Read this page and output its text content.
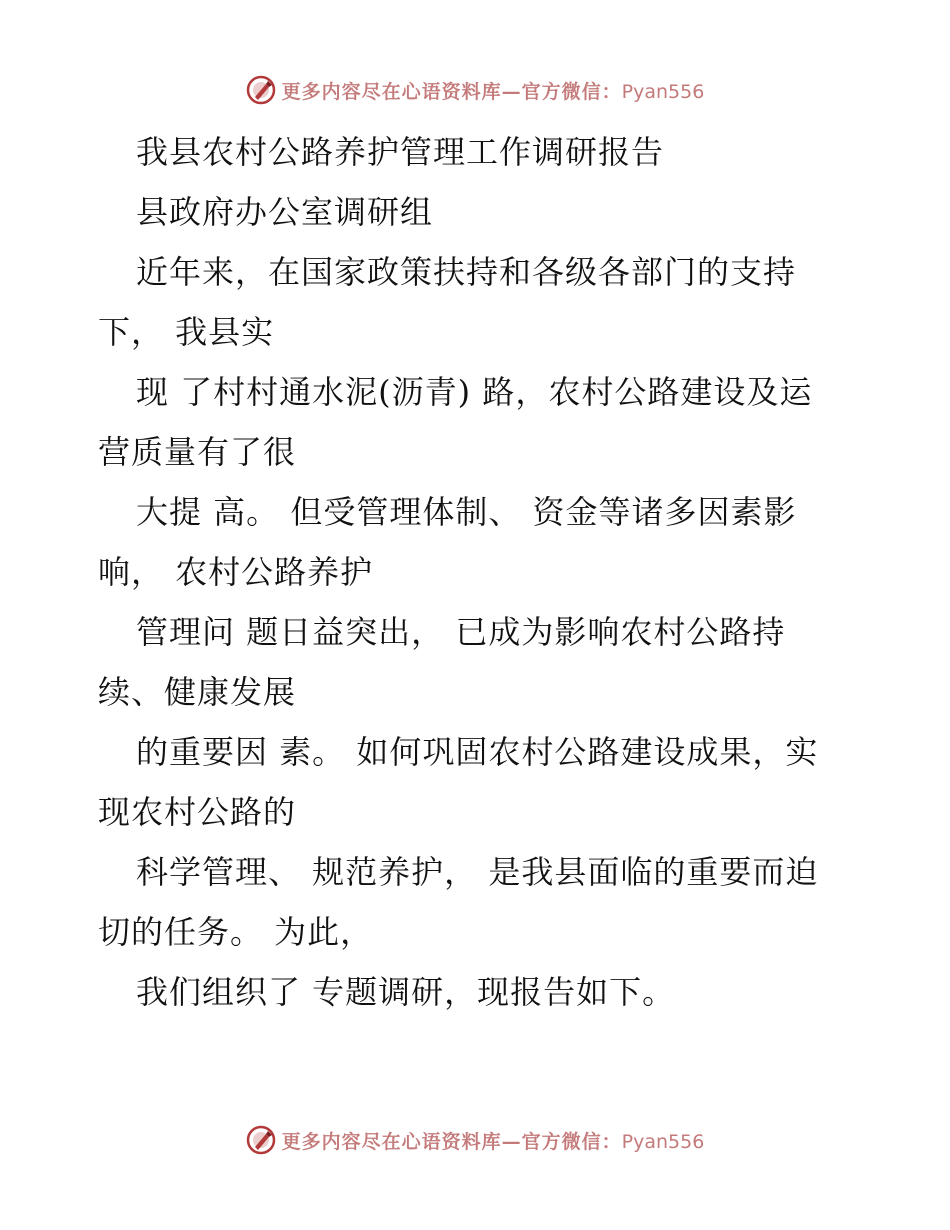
更多内容尽在心语资料库—官方微信：Pyan556
我县农村公路养护管理工作调研报告
县政府办公室调研组
近年来，在国家政策扶持和各级各部门的支持
下， 我县实
现 了村村通水泥(沥青) 路，农村公路建设及运
营质量有了很
大提 高。 但受管理体制、 资金等诸多因素影
响， 农村公路养护
管理问 题日益突出， 已成为影响农村公路持
续、健康发展
的重要因 素。 如何巩固农村公路建设成果，实
现农村公路的
科学管理、 规范养护， 是我县面临的重要而迫
切的任务。 为此，
我们组织了 专题调研，现报告如下。
更多内容尽在心语资料库—官方微信：Pyan556
